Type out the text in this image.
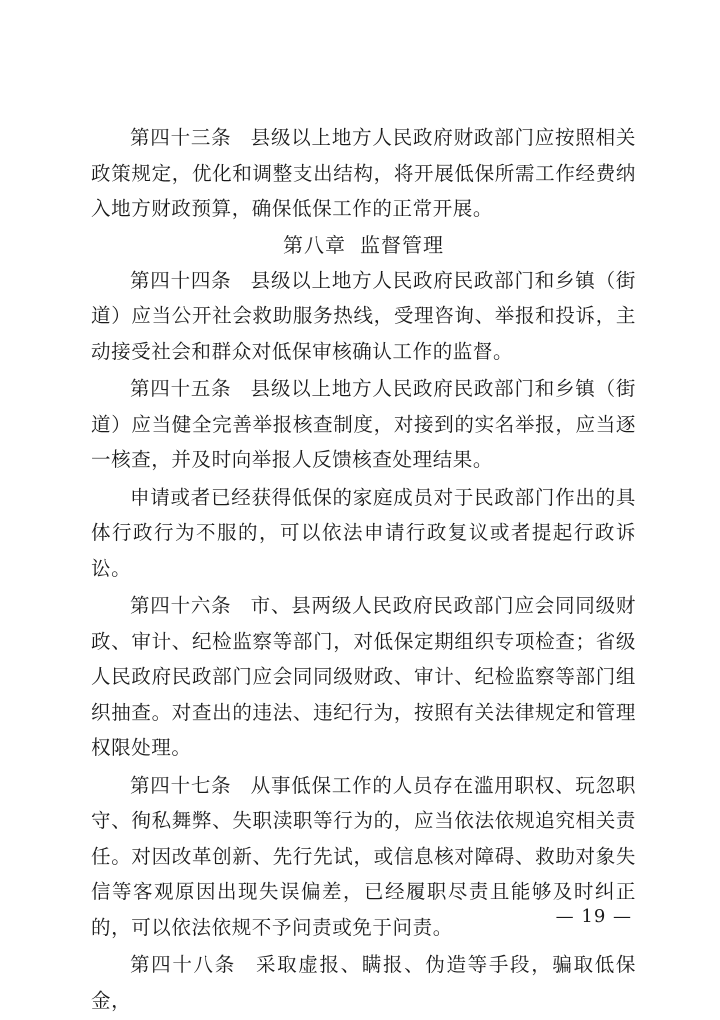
第四十三条 县级以上地方人民政府财政部门应按照相关政策规定，优化和调整支出结构，将开展低保所需工作经费纳入地方财政预算，确保低保工作的正常开展。

第八章 监督管理

第四十四条 县级以上地方人民政府民政部门和乡镇（街道）应当公开社会救助服务热线，受理咨询、举报和投诉，主动接受社会和群众对低保审核确认工作的监督。

第四十五条 县级以上地方人民政府民政部门和乡镇（街道）应当健全完善举报核查制度，对接到的实名举报，应当逐一核查，并及时向举报人反馈核查处理结果。

申请或者已经获得低保的家庭成员对于民政部门作出的具体行政行为不服的，可以依法申请行政复议或者提起行政诉讼。

第四十六条 市、县两级人民政府民政部门应会同同级财政、审计、纪检监察等部门，对低保定期组织专项检查；省级人民政府民政部门应会同同级财政、审计、纪检监察等部门组织抽查。对查出的违法、违纪行为，按照有关法律规定和管理权限处理。

第四十七条 从事低保工作的人员存在滥用职权、玩忽职守、徇私舞弊、失职渎职等行为的，应当依法依规追究相关责任。对因改革创新、先行先试，或信息核对障碍、救助对象失信等客观原因出现失误偏差，已经履职尽责且能够及时纠正的，可以依法依规不予问责或免于问责。

第四十八条 采取虚报、瞒报、伪造等手段，骗取低保金，

— 19 —
